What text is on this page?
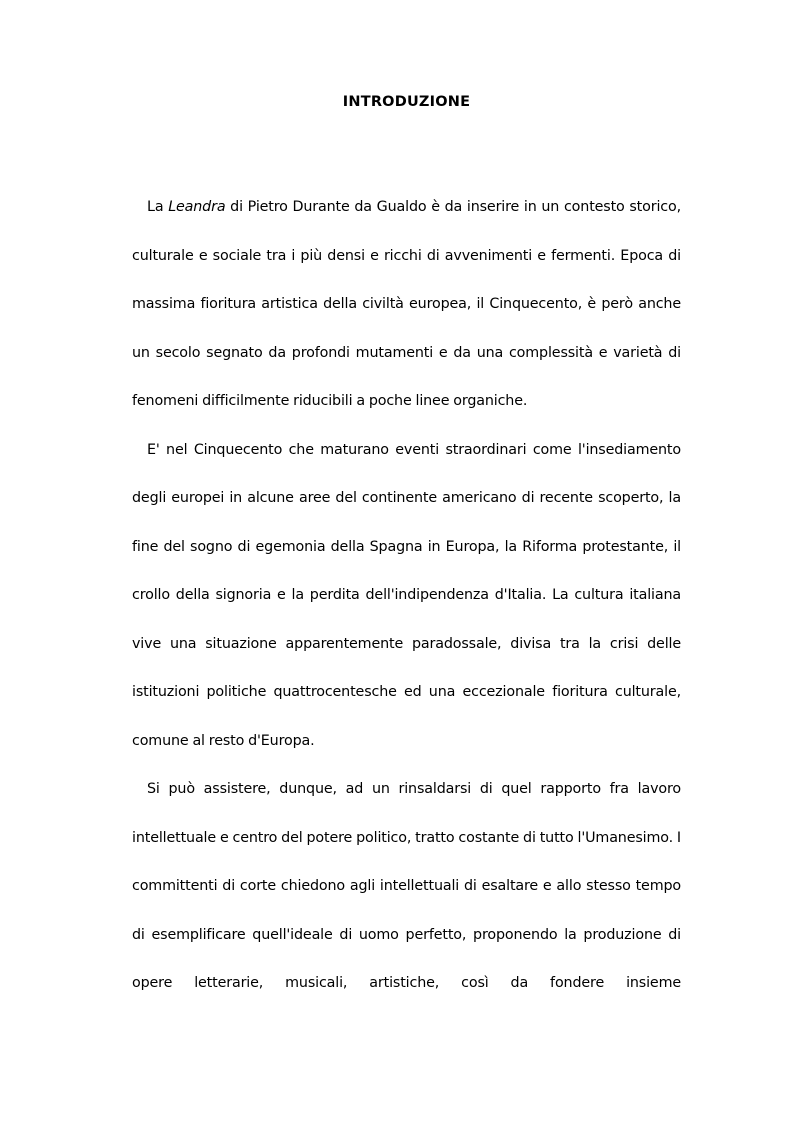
INTRODUZIONE

La Leandra di Pietro Durante da Gualdo è da inserire in un contesto storico, culturale e sociale tra i più densi e ricchi di avvenimenti e fermenti. Epoca di massima fioritura artistica della civiltà europea, il Cinquecento, è però anche un secolo segnato da profondi mutamenti e da una complessità e varietà di fenomeni difficilmente riducibili a poche linee organiche.

E' nel Cinquecento che maturano eventi straordinari come l'insediamento degli europei in alcune aree del continente americano di recente scoperto, la fine del sogno di egemonia della Spagna in Europa, la Riforma protestante, il crollo della signoria e la perdita dell'indipendenza d'Italia. La cultura italiana vive una situazione apparentemente paradossale, divisa tra la crisi delle istituzioni politiche quattrocentesche ed una eccezionale fioritura culturale, comune al resto d'Europa.

Si può assistere, dunque, ad un rinsaldarsi di quel rapporto fra lavoro intellettuale e centro del potere politico, tratto costante di tutto l'Umanesimo. I committenti di corte chiedono agli intellettuali di esaltare e allo stesso tempo di esemplificare quell'ideale di uomo perfetto, proponendo la produzione di opere letterarie, musicali, artistiche, così da fondere insieme
